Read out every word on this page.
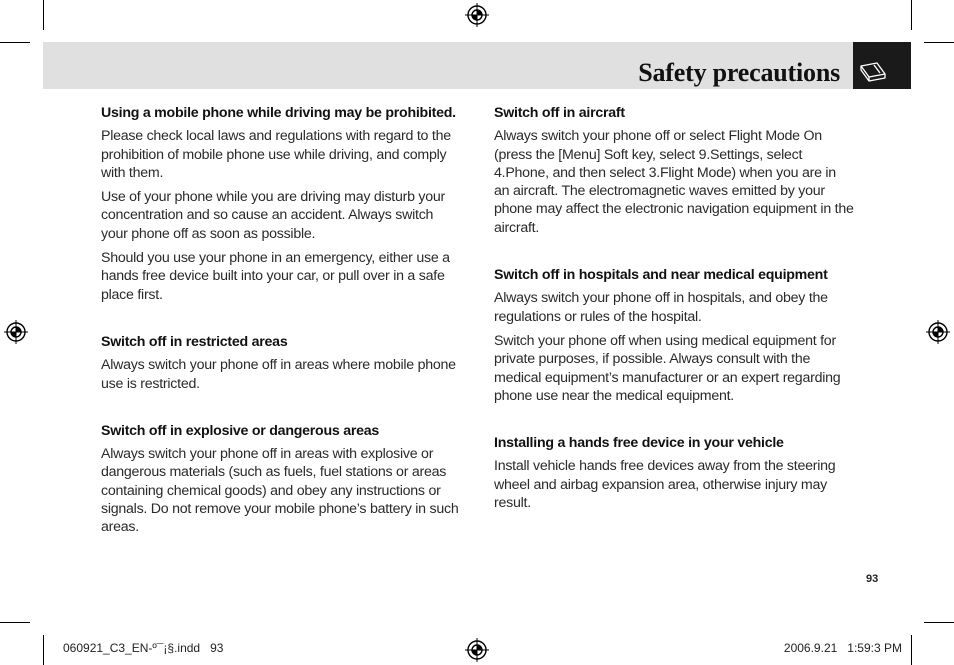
Safety precautions
Using a mobile phone while driving may be prohibited.
Please check local laws and regulations with regard to the prohibition of mobile phone use while driving, and comply with them.
Use of your phone while you are driving may disturb your concentration and so cause an accident. Always switch your phone off as soon as possible.
Should you use your phone in an emergency, either use a hands free device built into your car, or pull over in a safe place first.
Switch off in restricted areas
Always switch your phone off in areas where mobile phone use is restricted.
Switch off in explosive or dangerous areas
Always switch your phone off in areas with explosive or dangerous materials (such as fuels, fuel stations or areas containing chemical goods) and obey any instructions or signals. Do not remove your mobile phone’s battery in such areas.
Switch off in aircraft
Always switch your phone off or select Flight Mode On (press the [Menu] Soft key, select 9.Settings, select 4.Phone, and then select 3.Flight Mode) when you are in an aircraft. The electromagnetic waves emitted by your phone may affect the electronic navigation equipment in the aircraft.
Switch off in hospitals and near medical equipment
Always switch your phone off in hospitals, and obey the regulations or rules of the hospital.
Switch your phone off when using medical equipment for private purposes, if possible. Always consult with the medical equipment’s manufacturer or an expert regarding phone use near the medical equipment.
Installing a hands free device in your vehicle
Install vehicle hands free devices away from the steering wheel and airbag expansion area, otherwise injury may result.
93
060921_C3_EN-º¯¡§.indd   93	2006.9.21   1:59:3 PM
